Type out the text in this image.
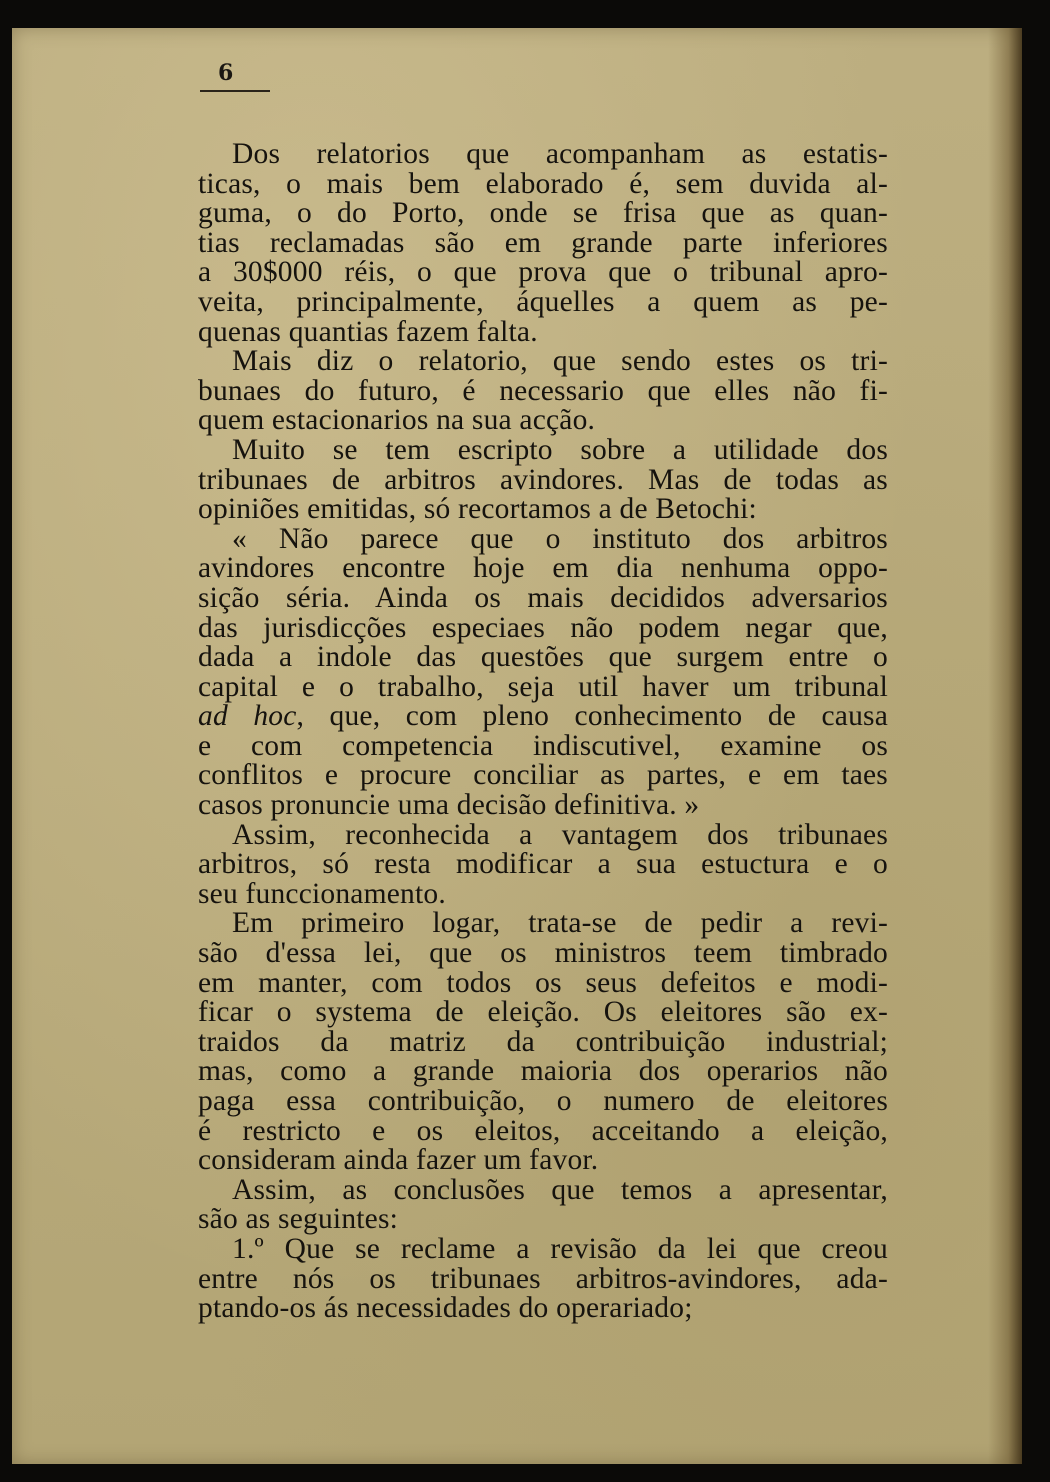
6
Dos relatorios que acompanham as estatis-
ticas, o mais bem elaborado é, sem duvida al-
guma, o do Porto, onde se frisa que as quan-
tias reclamadas são em grande parte inferiores
a 30$000 réis, o que prova que o tribunal apro-
veita, principalmente, áquelles a quem as pe-
quenas quantias fazem falta.
Mais diz o relatorio, que sendo estes os tri-
bunaes do futuro, é necessario que elles não fi-
quem estacionarios na sua acção.
Muito se tem escripto sobre a utilidade dos
tribunaes de arbitros avindores. Mas de todas as
opiniões emitidas, só recortamos a de Betochi:
« Não parece que o instituto dos arbitros
avindores encontre hoje em dia nenhuma oppo-
sição séria. Ainda os mais decididos adversarios
das jurisdicções especiaes não podem negar que,
dada a indole das questões que surgem entre o
capital e o trabalho, seja util haver um tribunal
ad hoc, que, com pleno conhecimento de causa
e com competencia indiscutivel, examine os
conflitos e procure conciliar as partes, e em taes
casos pronuncie uma decisão definitiva. »
Assim, reconhecida a vantagem dos tribunaes
arbitros, só resta modificar a sua estuctura e o
seu funccionamento.
Em primeiro logar, trata-se de pedir a revi-
são d'essa lei, que os ministros teem timbrado
em manter, com todos os seus defeitos e modi-
ficar o systema de eleição. Os eleitores são ex-
traidos da matriz da contribuição industrial;
mas, como a grande maioria dos operarios não
paga essa contribuição, o numero de eleitores
é restricto e os eleitos, acceitando a eleição,
consideram ainda fazer um favor.
Assim, as conclusões que temos a apresentar,
são as seguintes:
1.º Que se reclame a revisão da lei que creou
entre nós os tribunaes arbitros-avindores, ada-
ptando-os ás necessidades do operariado;
